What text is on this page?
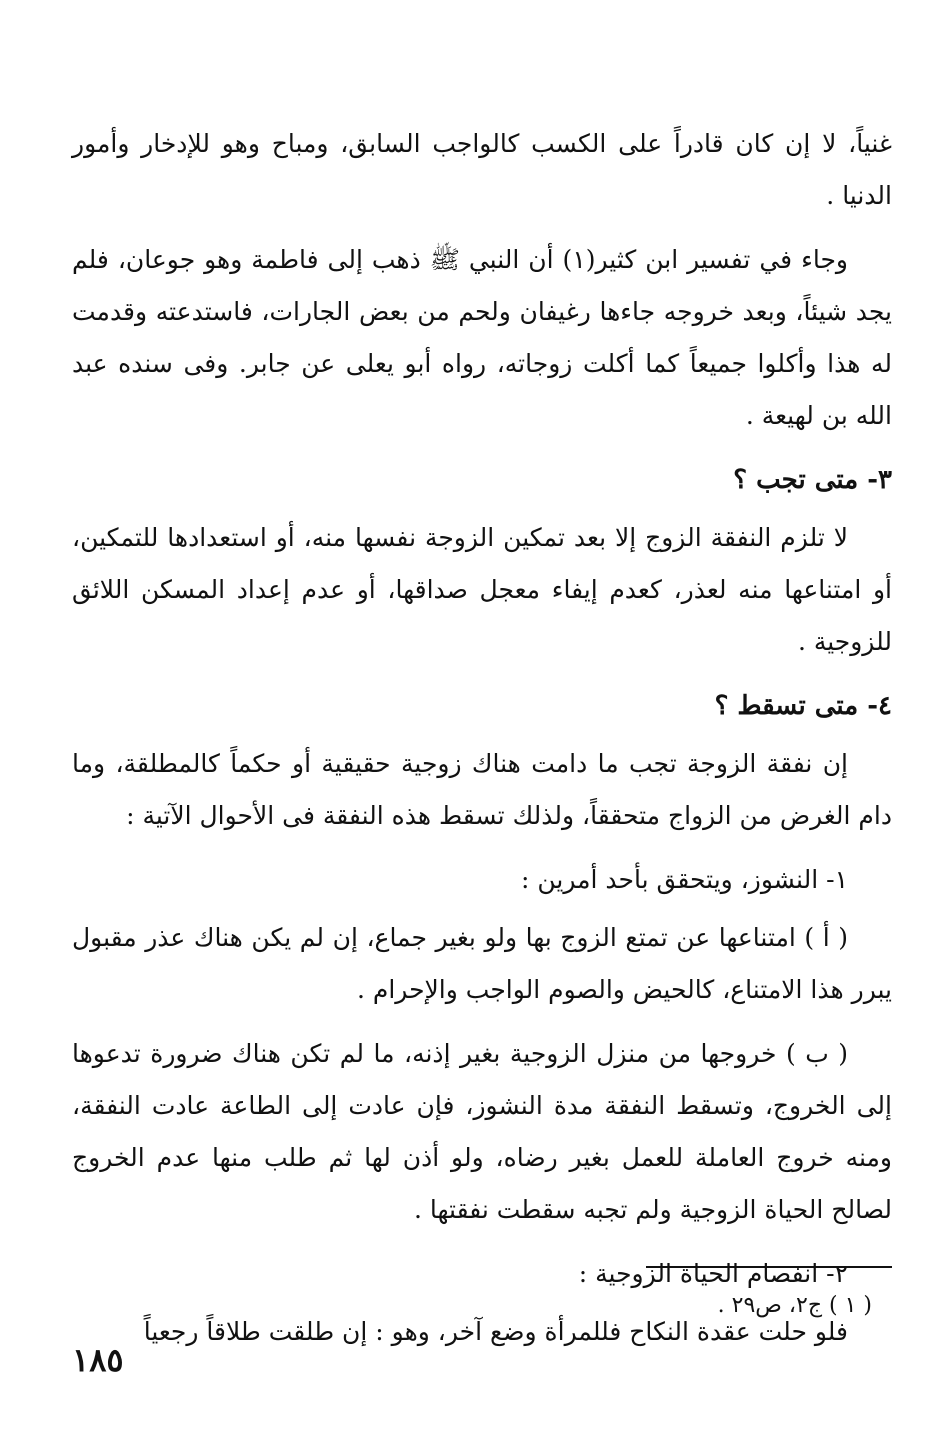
غنياً، لا إن كان قادراً على الكسب كالواجب السابق، ومباح وهو للإدخار وأمور الدنيا .

وجاء في تفسير ابن كثير(١) أن النبي ﷺ ذهب إلى فاطمة وهو جوعان، فلم يجد شيئاً، وبعد خروجه جاءها رغيفان ولحم من بعض الجارات، فاستدعته وقدمت له هذا وأكلوا جميعاً كما أكلت زوجاته، رواه أبو يعلى عن جابر. وفى سنده عبد الله بن لهيعة .

٣- متى تجب ؟

لا تلزم النفقة الزوج إلا بعد تمكين الزوجة نفسها منه، أو استعدادها للتمكين، أو امتناعها منه لعذر، كعدم إيفاء معجل صداقها، أو عدم إعداد المسكن اللائق للزوجية .

٤- متى تسقط ؟

إن نفقة الزوجة تجب ما دامت هناك زوجية حقيقية أو حكماً كالمطلقة، وما دام الغرض من الزواج متحققاً، ولذلك تسقط هذه النفقة فى الأحوال الآتية :

١- النشوز، ويتحقق بأحد أمرين :

( أ ) امتناعها عن تمتع الزوج بها ولو بغير جماع، إن لم يكن هناك عذر مقبول يبرر هذا الامتناع، كالحيض والصوم الواجب والإحرام .

( ب ) خروجها من منزل الزوجية بغير إذنه، ما لم تكن هناك ضرورة تدعوها إلى الخروج، وتسقط النفقة مدة النشوز، فإن عادت إلى الطاعة عادت النفقة، ومنه خروج العاملة للعمل بغير رضاه، ولو أذن لها ثم طلب منها عدم الخروج لصالح الحياة الزوجية ولم تجبه سقطت نفقتها .

٢- انفصام الحياة الزوجية :

فلو حلت عقدة النكاح فللمرأة وضع آخر، وهو : إن طلقت طلاقاً رجعياً

( ١ ) ج٢، ص٢٩ .
١٨٥
